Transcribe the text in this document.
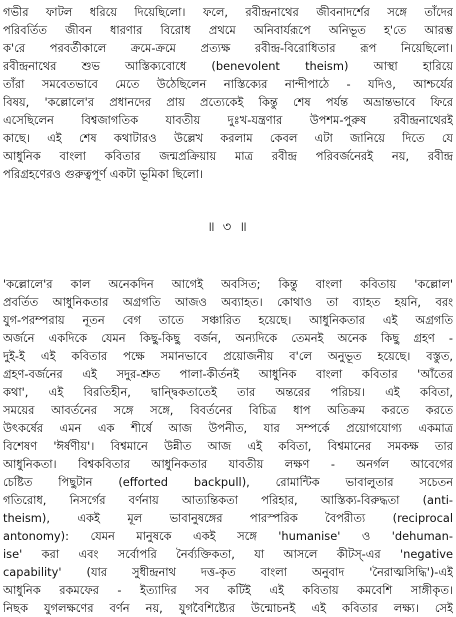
গভীর ফাটল ধরিয়ে দিয়েছিলো। ফলে, রবীন্দ্রনাথের জীবনাদর্শের সঙ্গে তাঁদের
পরিবর্তিত জীবন ধারণার বিরোধ প্রথমে অনিবার্যরূপে অনিভূত হ'তে আরম্ভ
ক'রে পরবর্তীকালে ক্রমে-ক্রমে প্রত্যক্ষ রবীন্দ্র-বিরোধিতার রূপ নিয়েছিলো।
রবীন্দ্রনাথের শুভ আস্তিক্যবোধে (benevolent theism) আস্থা হারিয়ে
তাঁরা সমবেতভাবে মেতে উঠেছিলেন নাস্তিক্যের নান্দীপাঠে - যদিও, আশ্চর্যের
বিষয়, 'কল্লোলে'র প্রধানদের প্রায় প্রত্যেকেই কিন্তু শেষ পর্যন্ত অভ্রান্তভাবে ফিরে
এসেছিলেন বিশ্বজাগতিক যাবতীয় দুঃখ-যন্ত্রণার উপশম-পুরুষ রবীন্দ্রনাথেরই
কাছে। এই শেষ কথাটারও উল্লেখ করলাম কেবল এটা জানিয়ে দিতে যে
আধুনিক বাংলা কবিতার জন্মপ্রক্রিয়ায় মাত্র রবীন্দ্র পরিবর্জনেরই নয়, রবীন্দ্র
পরিগ্রহণেরও গুরুত্বপূর্ণ একটা ভূমিকা ছিলো।
॥ ৩ ॥
'কল্লোলে'র কাল অনেকদিন আগেই অবসিত; কিন্তু বাংলা কবিতায় 'কল্লোল'
প্রবর্তিত আধুনিকতার অগ্রগতি আজও অব্যাহত। কোথাও তা ব্যাহত হয়নি, বরং
যুগ-পরম্পরায় নূতন বেগ তাতে সঞ্চারিত হয়েছে। আধুনিকতার এই অগ্রগতি
অর্জনে একদিকে যেমন কিছু-কিছু বর্জন, অন্যদিকে তেমনই অনেক কিছু গ্রহণ -
দুই-ই এই কবিতার পক্ষে সমানভাবে প্রয়োজনীয় ব'লে অনুভূত হয়েছে। বস্তুত,
গ্রহণ-বর্জনের এই সদুর-শ্রুত পালা-কীর্তনই আধুনিক বাংলা কবিতার 'আঁতের
কথা', এই বিরতিহীন, দ্বান্দ্বিকতাতেই তার অন্তরের পরিচয়। এই কবিতা,
সময়ের আবর্তনের সঙ্গে সঙ্গে, বিবর্তনের বিচিত্র ধাপ অতিক্রম করতে করতে
উৎকর্ষের এমন এক শীর্ষে আজ উপনীত, যার সম্পর্কে প্রয়োগযোগ্য একমাত্র
বিশেষণ 'ঈর্ষণীয়'। বিশ্বমানে উন্নীত আজ এই কবিতা, বিশ্বমানের সমকক্ষ তার
আধুনিকতা। বিশ্বকবিতার আধুনিকতার যাবতীয় লক্ষণ - অনর্গল আবেগের
চেষ্টিত পিছুটান (efforted backpull), রোমান্টিক ভাবালুতার সচেতন
গতিরোধ, নিসর্গের বর্ণনায় আত্যন্তিকতা পরিহার, আস্তিক্য-বিরুদ্ধতা (anti-
theism), একই মূল ভাবানুষঙ্গের পারস্পরিক বৈপরীত্য (reciprocal
antonomy): যেমন মানুষকে একই সঙ্গে 'humanise' ও 'dehuman-
ise' করা এবং সর্বোপরি নৈর্ব্যক্তিকতা, যা আসলে কীটস্-এর 'negative
capability' (যার সুধীন্দ্রনাথ দত্ত-কৃত বাংলা অনুবাদ 'নৈরাত্মসিদ্ধি')-এই
আধুনিক রকমফের - ইত্যাদির সব কটিই এই কবিতায় কমবেশি সাঙ্গীকৃত।
নিছক যুগলক্ষণের বর্ণন নয়, যুগবৈশিষ্ট্যের উন্মোচনই এই কবিতার লক্ষ্য। সেই
